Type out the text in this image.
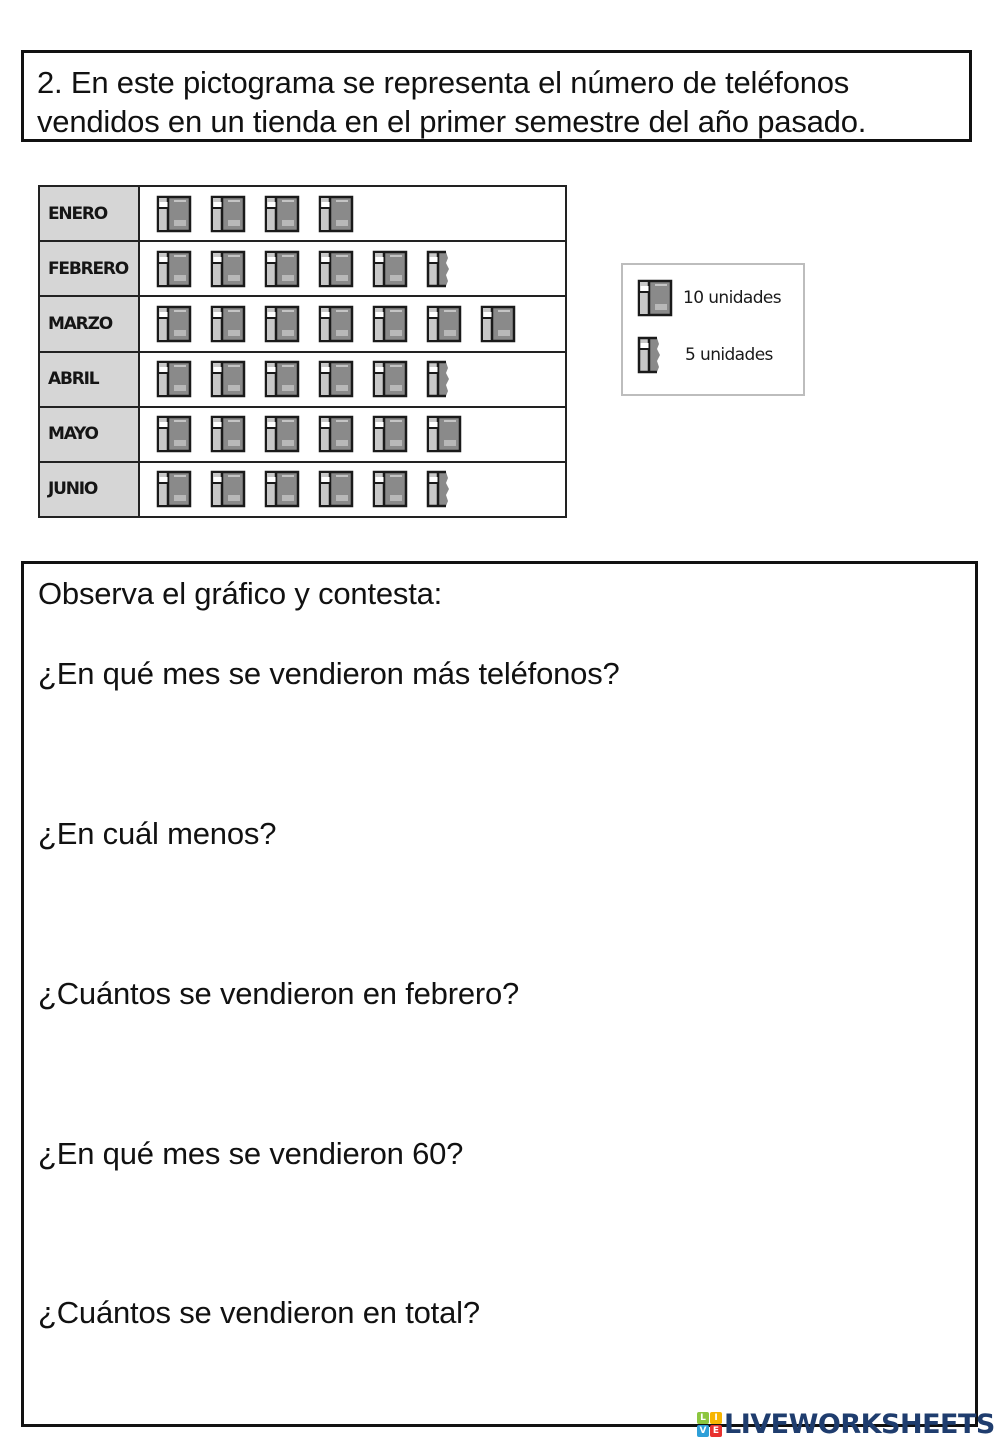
2. En este pictograma se representa el número de teléfonos
vendidos en un tienda en el primer semestre del año pasado.
ENERO
FEBRERO
MARZO
ABRIL
MAYO
JUNIO
10 unidades
5 unidades
Observa el gráfico y contesta:
¿En qué mes se vendieron más teléfonos?
¿En cuál menos?
¿Cuántos se vendieron en febrero?
¿En qué mes se vendieron 60?
¿Cuántos se vendieron en total?
L I
V E LIVEWORKSHEETS
